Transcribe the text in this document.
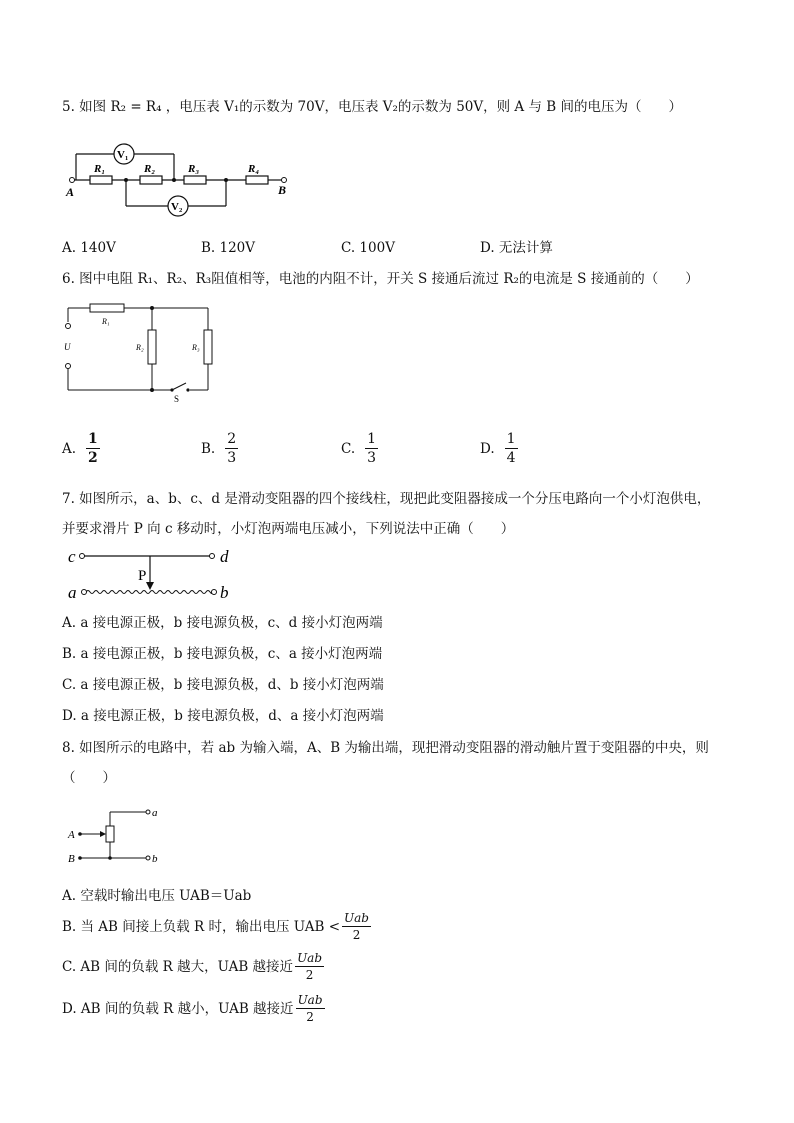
5. 如图 R₂ = R₄ ，电压表 V₁的示数为 70V，电压表 V₂的示数为 50V，则 A 与 B 间的电压为（　　）
V₁
V₂
R₁	R₂	R₃	R₄
A	B
A. 140V	B. 120V	C. 100V	D. 无法计算
6. 图中电阻 R₁、R₂、R₃阻值相等，电池的内阻不计，开关 S 接通后流过 R₂的电流是 S 接通前的（　　）
R₁
R₂	R₃
U
S
A. $\frac{1}{2}$	B. $\frac{2}{3}$	C. $\frac{1}{3}$	D. $\frac{1}{4}$
7. 如图所示，a、b、c、d 是滑动变阻器的四个接线柱，现把此变阻器接成一个分压电路向一个小灯泡供电，
并要求滑片 P 向 c 移动时，小灯泡两端电压减小，下列说法中正确（　　）
c	d
P
a	b
A. a 接电源正极，b 接电源负极，c、d 接小灯泡两端
B. a 接电源正极，b 接电源负极，c、a 接小灯泡两端
C. a 接电源正极，b 接电源负极，d、b 接小灯泡两端
D. a 接电源正极，b 接电源负极，d、a 接小灯泡两端
8. 如图所示的电路中，若 ab 为输入端，A、B 为输出端，现把滑动变阻器的滑动触片置于变阻器的中央，则
（　　）
a
b
A
B
A. 空载时输出电压 UAB＝Uab
B. 当 AB 间接上负载 R 时，输出电压 UAB < $\frac{\text{Uab}}{2}$
C. AB 间的负载 R 越大，UAB 越接近 $\frac{\text{Uab}}{2}$
D. AB 间的负载 R 越小，UAB 越接近 $\frac{\text{Uab}}{2}$
